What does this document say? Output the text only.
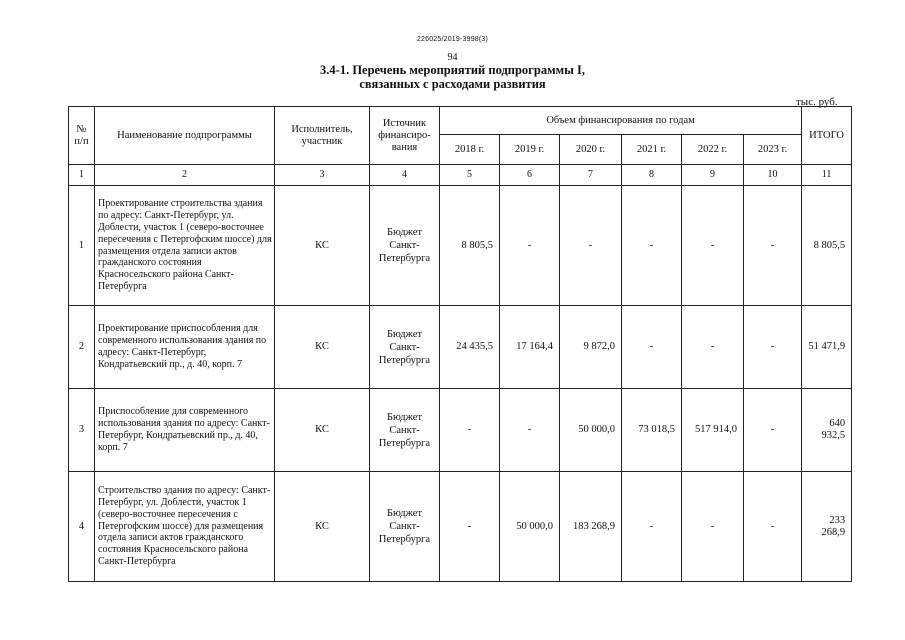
226025/2019-3998(3)
94
3.4-1. Перечень мероприятий подпрограммы I,
связанных с расходами развития
тыс. руб.
№ п/п	Наименование подпрограммы	Исполнитель, участник	Источник финансиро-вания	Объем финансирования по годам						ИТОГО
				2018 г.	2019 г.	2020 г.	2021 г.	2022 г.	2023 г.	
1	2	3	4	5	6	7	8	9	10	11
1	Проектирование строительства здания по адресу: Санкт-Петербург, ул. Доблести, участок 1 (северо-восточнее пересечения с Петергофским шоссе) для размещения отдела записи актов гражданского состояния Красносельского района Санкт-Петербурга	КС	Бюджет Санкт-Петербурга	8 805,5	-	-	-	-	-	8 805,5
2	Проектирование приспособления для современного использования здания по адресу: Санкт-Петербург, Кондратьевский пр., д. 40, корп. 7	КС	Бюджет Санкт-Петербурга	24 435,5	17 164,4	9 872,0	-	-	-	51 471,9
3	Приспособление для современного использования здания по адресу: Санкт-Петербург, Кондратьевский пр., д. 40, корп. 7	КС	Бюджет Санкт-Петербурга	-	-	50 000,0	73 018,5	517 914,0	-	640 932,5
4	Строительство здания по адресу: Санкт-Петербург, ул. Доблести, участок 1 (северо-восточнее пересечения с Петергофским шоссе) для размещения отдела записи актов гражданского состояния Красносельского района Санкт-Петербурга	КС	Бюджет Санкт-Петербурга	-	50 000,0	183 268,9	-	-	-	233 268,9
